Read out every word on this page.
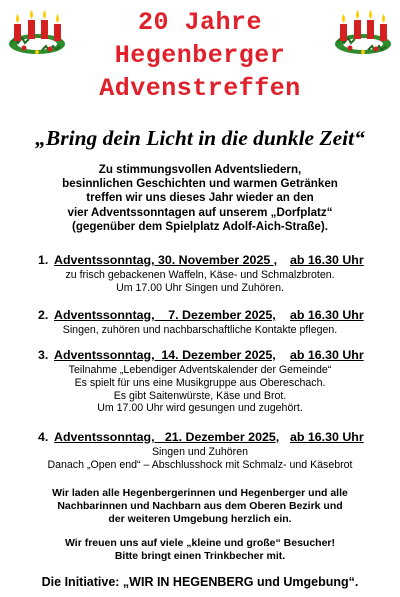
20 Jahre
Hegenberger
Advenstreffen
„Bring dein Licht in die dunkle Zeit“
Zu stimmungsvollen Adventsliedern,
besinnlichen Geschichten und warmen Getränken
treffen wir uns dieses Jahr wieder an den
vier Adventssonntagen auf unserem „Dorfplatz“
(gegenüber dem Spielplatz Adolf-Aich-Straße).
1. Adventssonntag, 30. November 2025 , ab 16.30 Uhr
zu frisch gebackenen Waffeln, Käse- und Schmalzbroten.
Um 17.00 Uhr Singen und Zuhören.
2. Adventssonntag,    7. Dezember 2025, ab 16.30 Uhr
Singen, zuhören und nachbarschaftliche Kontakte pflegen.
3. Adventssonntag,  14. Dezember 2025, ab 16.30 Uhr
Teilnahme „Lebendiger Adventskalender der Gemeinde“
Es spielt für uns eine Musikgruppe aus Obereschach.
Es gibt Saitenwürste, Käse und Brot.
Um 17.00 Uhr wird gesungen und zugehört.
4. Adventssonntag,   21. Dezember 2025, ab 16.30 Uhr
Singen und Zuhören
Danach „Open end“ – Abschlusshock mit Schmalz- und Käsebrot
Wir laden alle Hegenbergerinnen und Hegenberger und alle
Nachbarinnen und Nachbarn aus dem Oberen Bezirk und
der weiteren Umgebung herzlich ein.
Wir freuen uns auf viele „kleine und große“ Besucher!
Bitte bringt einen Trinkbecher mit.
Die Initiative: „WIR IN HEGENBERG und Umgebung“.
